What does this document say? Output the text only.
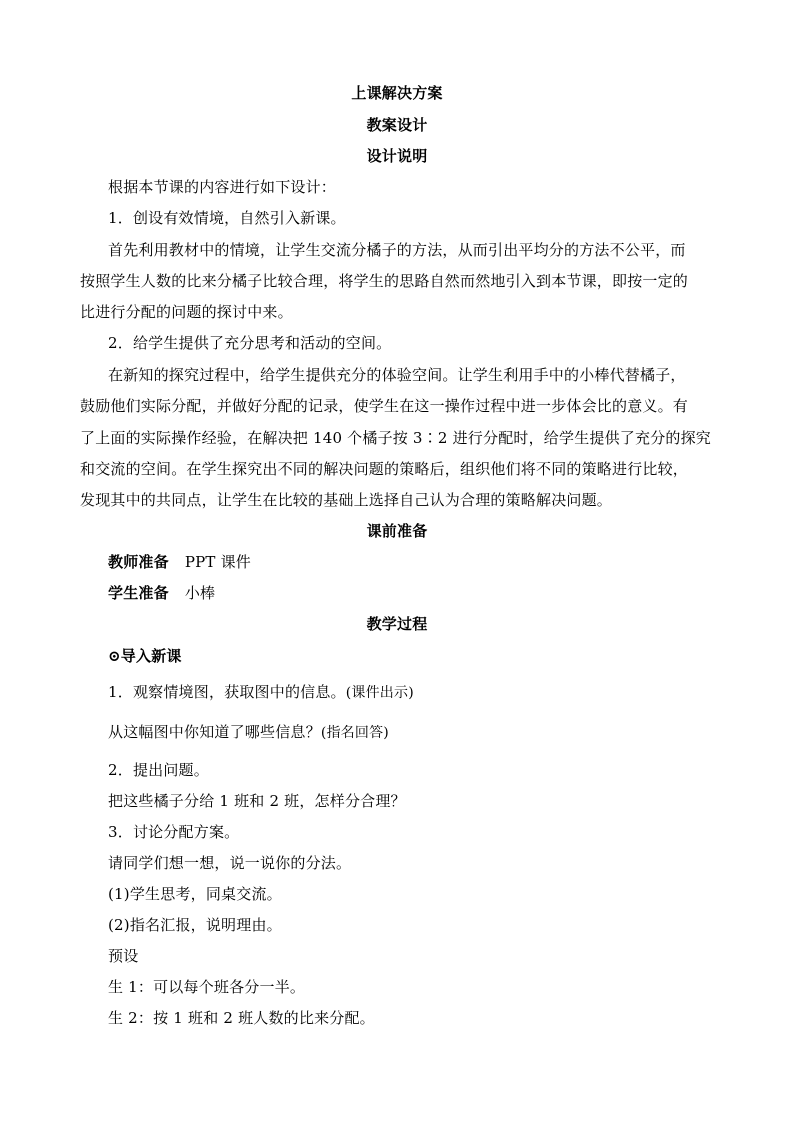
上课解决方案
教案设计
设计说明
根据本节课的内容进行如下设计：
1．创设有效情境，自然引入新课。
首先利用教材中的情境，让学生交流分橘子的方法，从而引出平均分的方法不公平，而
按照学生人数的比来分橘子比较合理，将学生的思路自然而然地引入到本节课，即按一定的
比进行分配的问题的探讨中来。
2．给学生提供了充分思考和活动的空间。
在新知的探究过程中，给学生提供充分的体验空间。让学生利用手中的小棒代替橘子，
鼓励他们实际分配，并做好分配的记录，使学生在这一操作过程中进一步体会比的意义。有
了上面的实际操作经验，在解决把 140 个橘子按 3∶2 进行分配时，给学生提供了充分的探究
和交流的空间。在学生探究出不同的解决问题的策略后，组织他们将不同的策略进行比较，
发现其中的共同点，让学生在比较的基础上选择自己认为合理的策略解决问题。
课前准备
教师准备 PPT 课件
学生准备 小棒
教学过程
⊙导入新课
1．观察情境图，获取图中的信息。(课件出示)
从这幅图中你知道了哪些信息？(指名回答)
2．提出问题。
把这些橘子分给 1 班和 2 班，怎样分合理？
3．讨论分配方案。
请同学们想一想，说一说你的分法。
(1)学生思考，同桌交流。
(2)指名汇报，说明理由。
预设
生 1：可以每个班各分一半。
生 2：按 1 班和 2 班人数的比来分配。
